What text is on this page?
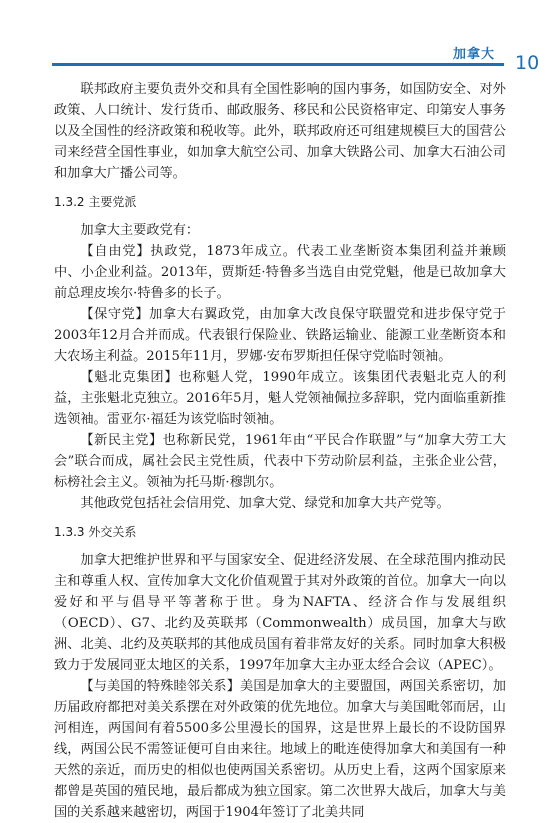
加拿大 10

联邦政府主要负责外交和具有全国性影响的国内事务，如国防安全、对外政策、人口统计、发行货币、邮政服务、移民和公民资格审定、印第安人事务以及全国性的经济政策和税收等。此外，联邦政府还可组建规模巨大的国营公司来经营全国性事业，如加拿大航空公司、加拿大铁路公司、加拿大石油公司和加拿大广播公司等。

1.3.2 主要党派

加拿大主要政党有：

【自由党】执政党，1873年成立。代表工业垄断资本集团利益并兼顾中、小企业利益。2013年，贾斯廷·特鲁多当选自由党党魁，他是已故加拿大前总理皮埃尔·特鲁多的长子。

【保守党】加拿大右翼政党，由加拿大改良保守联盟党和进步保守党于2003年12月合并而成。代表银行保险业、铁路运输业、能源工业垄断资本和大农场主利益。2015年11月，罗娜·安布罗斯担任保守党临时领袖。

【魁北克集团】也称魁人党，1990年成立。该集团代表魁北克人的利益，主张魁北克独立。2016年5月，魁人党领袖佩拉多辞职，党内面临重新推选领袖。雷亚尔·福廷为该党临时领袖。

【新民主党】也称新民党，1961年由“平民合作联盟”与“加拿大劳工大会”联合而成，属社会民主党性质，代表中下劳动阶层利益，主张企业公营，标榜社会主义。领袖为托马斯·穆凯尔。

其他政党包括社会信用党、加拿大党、绿党和加拿大共产党等。

1.3.3 外交关系

加拿大把维护世界和平与国家安全、促进经济发展、在全球范围内推动民主和尊重人权、宣传加拿大文化价值观置于其对外政策的首位。加拿大一向以爱好和平与倡导平等著称于世。身为NAFTA、经济合作与发展组织（OECD）、G7、北约及英联邦（Commonwealth）成员国，加拿大与欧洲、北美、北约及英联邦的其他成员国有着非常友好的关系。同时加拿大积极致力于发展同亚太地区的关系，1997年加拿大主办亚太经合会议（APEC）。

【与美国的特殊睦邻关系】美国是加拿大的主要盟国，两国关系密切，加历届政府都把对美关系摆在对外政策的优先地位。加拿大与美国毗邻而居，山河相连，两国间有着5500多公里漫长的国界，这是世界上最长的不设防国界线，两国公民不需签证便可自由来往。地域上的毗连使得加拿大和美国有一种天然的亲近，而历史的相似也使两国关系密切。从历史上看，这两个国家原来都曾是英国的殖民地，最后都成为独立国家。第二次世界大战后，加拿大与美国的关系越来越密切，两国于1904年签订了北美共同
